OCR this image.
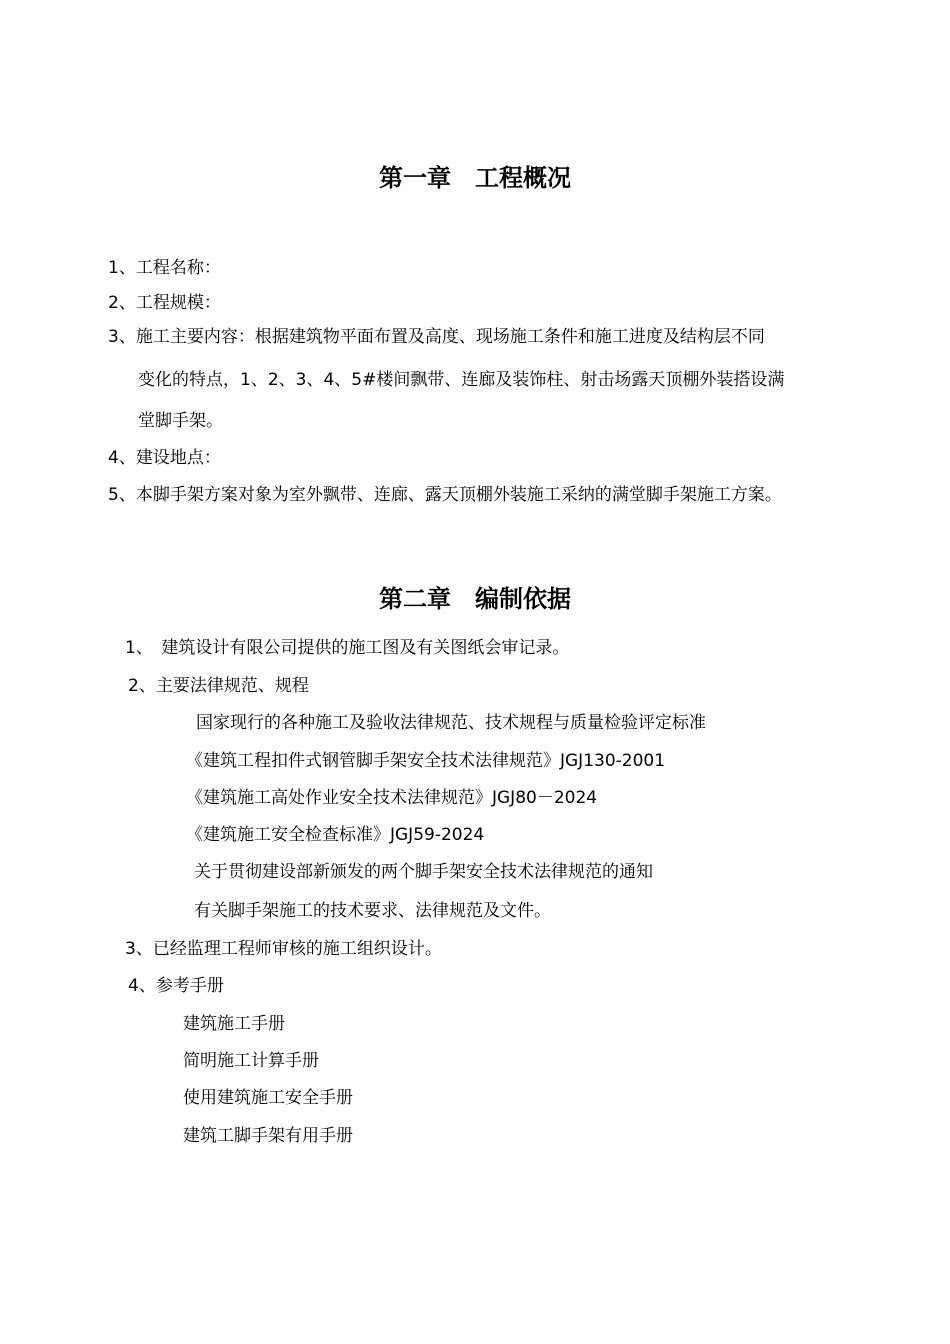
第一章　工程概况
1、工程名称：
2、工程规模：
3、施工主要内容：根据建筑物平面布置及高度、现场施工条件和施工进度及结构层不同
变化的特点，1、2、3、4、5#楼间飘带、连廊及装饰柱、射击场露天顶棚外装搭设满
堂脚手架。
4、建设地点：
5、本脚手架方案对象为室外飘带、连廊、露天顶棚外装施工采纳的满堂脚手架施工方案。
第二章　编制依据
1、　建筑设计有限公司提供的施工图及有关图纸会审记录。
2、主要法律规范、规程
国家现行的各种施工及验收法律规范、技术规程与质量检验评定标准
《建筑工程扣件式钢管脚手架安全技术法律规范》JGJ130-2001
《建筑施工高处作业安全技术法律规范》JGJ80－2024
《建筑施工安全检查标准》JGJ59-2024
关于贯彻建设部新颁发的两个脚手架安全技术法律规范的通知
有关脚手架施工的技术要求、法律规范及文件。
3、已经监理工程师审核的施工组织设计。
4、参考手册
建筑施工手册
简明施工计算手册
使用建筑施工安全手册
建筑工脚手架有用手册
